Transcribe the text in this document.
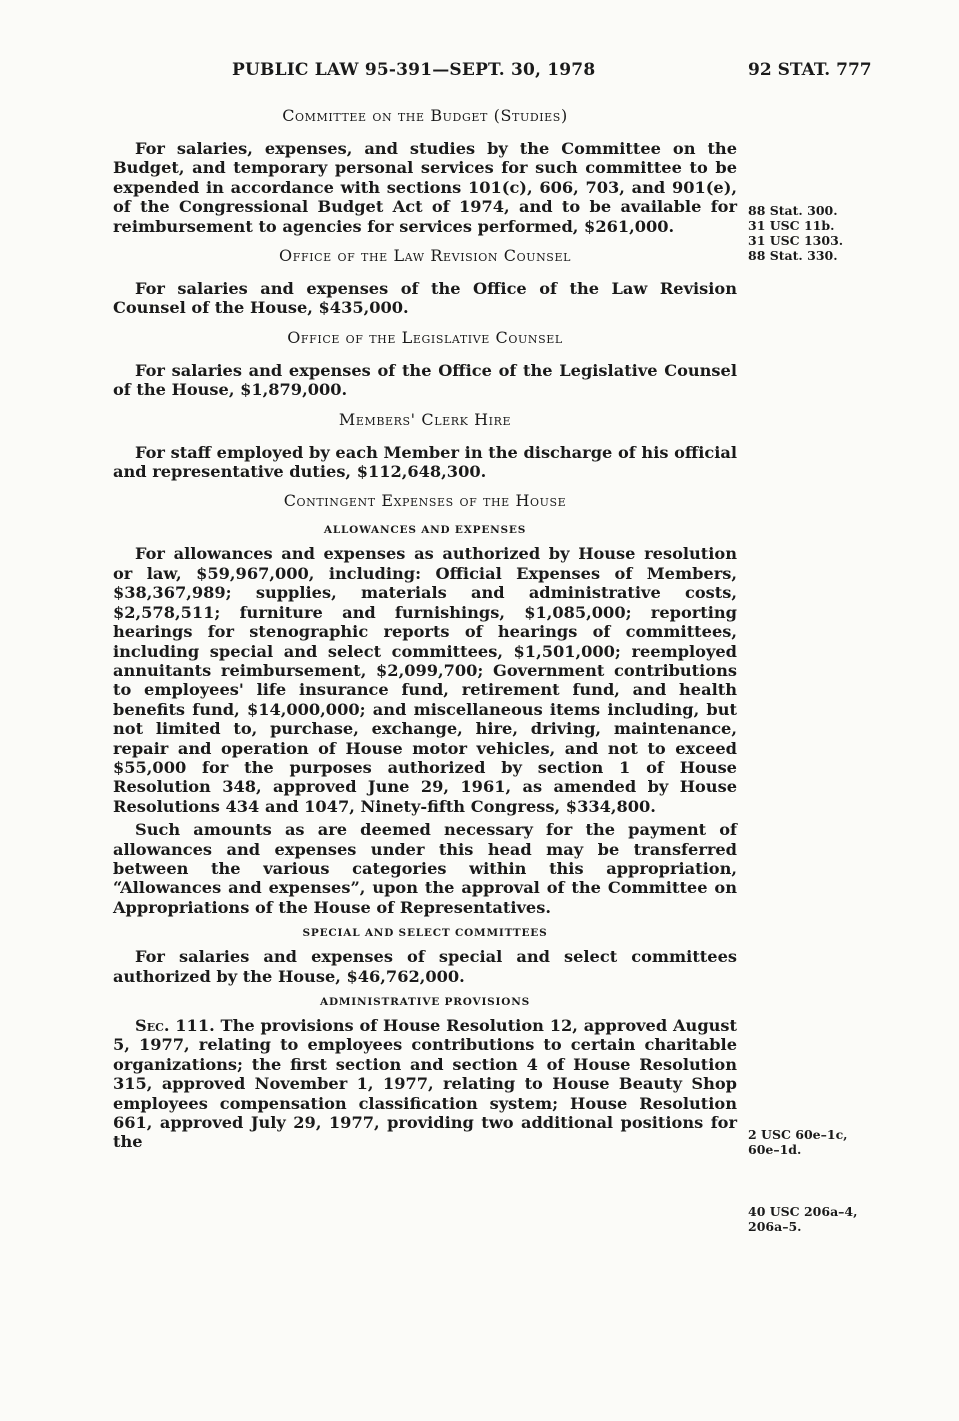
PUBLIC LAW 95-391—SEPT. 30, 1978	92 STAT. 777
Committee on the Budget (Studies)

For salaries, expenses, and studies by the Committee on the Budget, and temporary personal services for such committee to be expended in accordance with sections 101(c), 606, 703, and 901(e), of the Congressional Budget Act of 1974, and to be available for reimbursement to agencies for services performed, $261,000.

Office of the Law Revision Counsel

For salaries and expenses of the Office of the Law Revision Counsel of the House, $435,000.

Office of the Legislative Counsel

For salaries and expenses of the Office of the Legislative Counsel of the House, $1,879,000.

Members' Clerk Hire

For staff employed by each Member in the discharge of his official and representative duties, $112,648,300.

Contingent Expenses of the House
ALLOWANCES AND EXPENSES

For allowances and expenses as authorized by House resolution or law, $59,967,000, including: Official Expenses of Members, $38,367,989; supplies, materials and administrative costs, $2,578,511; furniture and furnishings, $1,085,000; reporting hearings for stenographic reports of hearings of committees, including special and select committees, $1,501,000; reemployed annuitants reimbursement, $2,099,700; Government contributions to employees' life insurance fund, retirement fund, and health benefits fund, $14,000,000; and miscellaneous items including, but not limited to, purchase, exchange, hire, driving, maintenance, repair and operation of House motor vehicles, and not to exceed $55,000 for the purposes authorized by section 1 of House Resolution 348, approved June 29, 1961, as amended by House Resolutions 434 and 1047, Ninety-fifth Congress, $334,800.

Such amounts as are deemed necessary for the payment of allowances and expenses under this head may be transferred between the various categories within this appropriation, “Allowances and expenses”, upon the approval of the Committee on Appropriations of the House of Representatives.

SPECIAL AND SELECT COMMITTEES

For salaries and expenses of special and select committees authorized by the House, $46,762,000.

ADMINISTRATIVE PROVISIONS

Sec. 111. The provisions of House Resolution 12, approved August 5, 1977, relating to employees contributions to certain charitable organizations; the first section and section 4 of House Resolution 315, approved November 1, 1977, relating to House Beauty Shop employees compensation classification system; House Resolution 661, approved July 29, 1977, providing two additional positions for the

88 Stat. 300.
31 USC 11b.
31 USC 1303.
88 Stat. 330.
2 USC 60e–1c,
60e–1d.
40 USC 206a–4,
206a–5.
